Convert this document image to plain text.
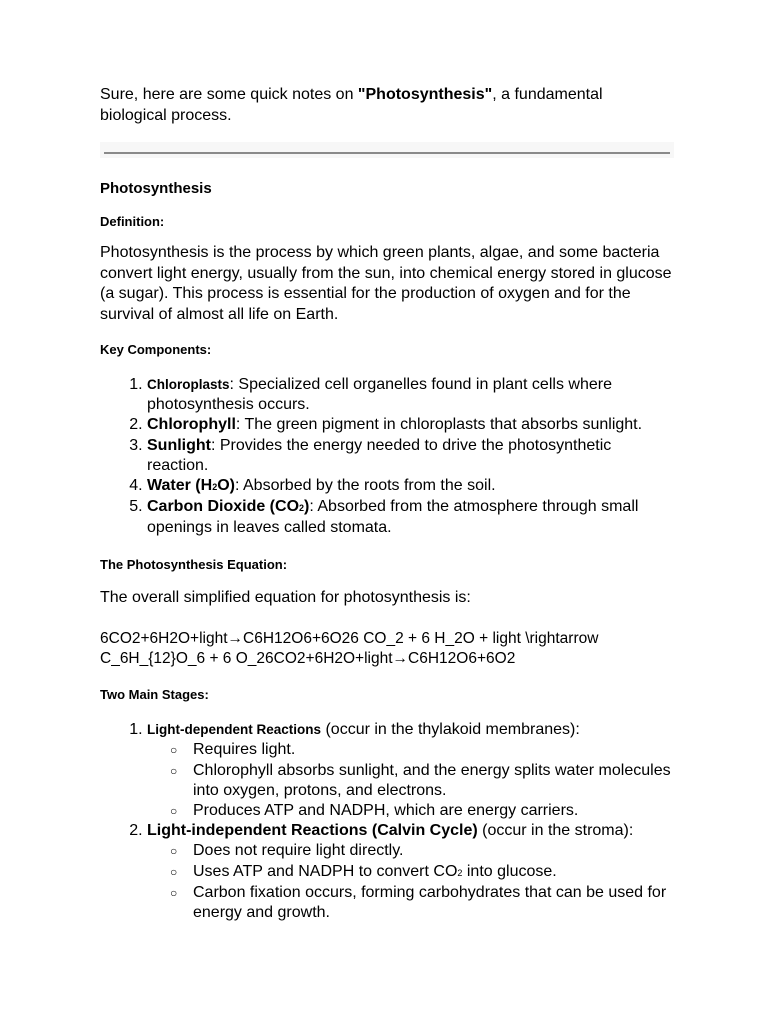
Sure, here are some quick notes on "Photosynthesis", a fundamental biological process.

Photosynthesis
Definition:

Photosynthesis is the process by which green plants, algae, and some bacteria convert light energy, usually from the sun, into chemical energy stored in glucose (a sugar). This process is essential for the production of oxygen and for the survival of almost all life on Earth.

Key Components:
1. Chloroplasts: Specialized cell organelles found in plant cells where photosynthesis occurs.
2. Chlorophyll: The green pigment in chloroplasts that absorbs sunlight.
3. Sunlight: Provides the energy needed to drive the photosynthetic reaction.
4. Water (H2O): Absorbed by the roots from the soil.
5. Carbon Dioxide (CO2): Absorbed from the atmosphere through small openings in leaves called stomata.
The Photosynthesis Equation:

The overall simplified equation for photosynthesis is:

6CO2+6H2O+light→C6H12O6+6O26 CO_2 + 6 H_2O + light \rightarrow

C_6H_{12}O_6 + 6 O_26CO2+6H2O+light→C6H12O6+6O2

Two Main Stages:
1. Light-dependent Reactions (occur in the thylakoid membranes):
○ Requires light.
○ Chlorophyll absorbs sunlight, and the energy splits water molecules into oxygen, protons, and electrons.
○ Produces ATP and NADPH, which are energy carriers.
2. Light-independent Reactions (Calvin Cycle) (occur in the stroma):
○ Does not require light directly.
○ Uses ATP and NADPH to convert CO2 into glucose.
○ Carbon fixation occurs, forming carbohydrates that can be used for energy and growth.
